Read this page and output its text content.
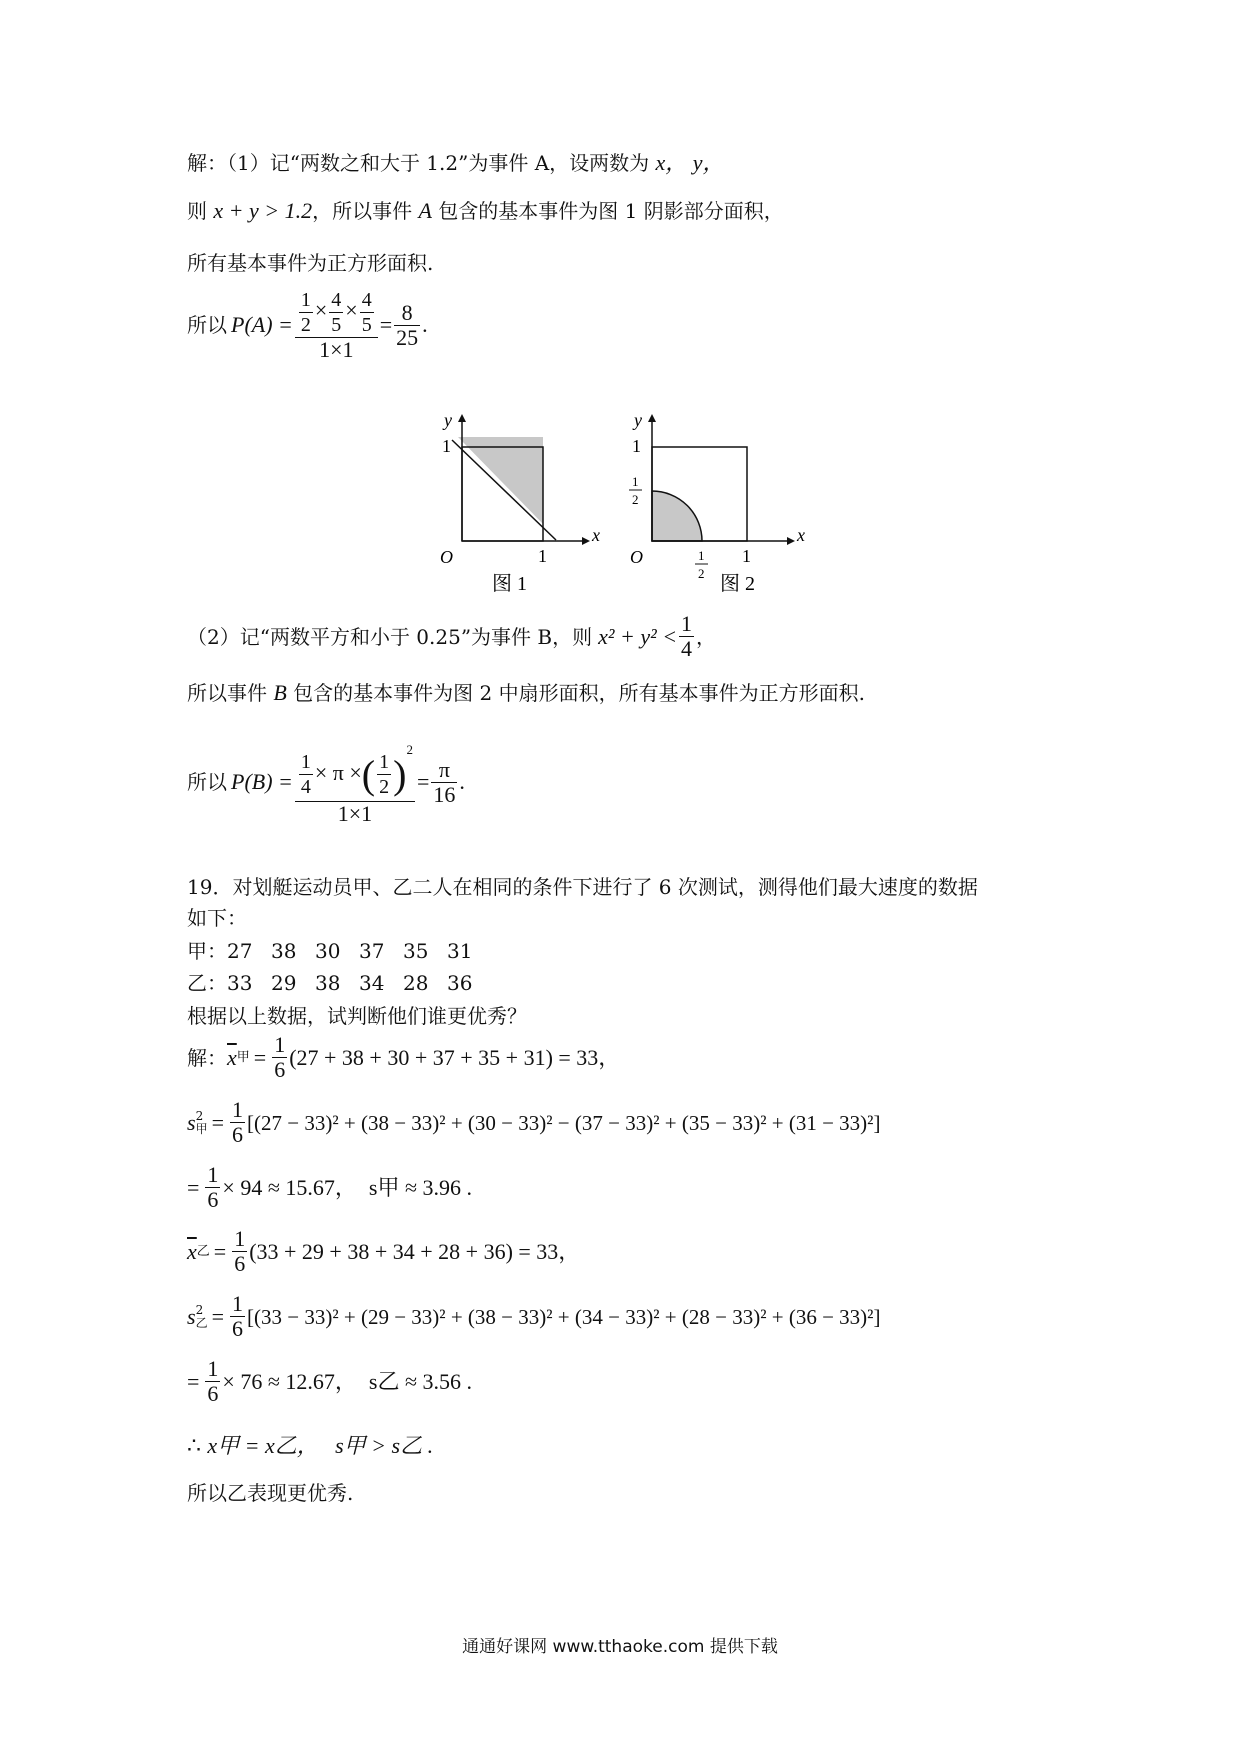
解：（1）记“两数之和大于 1.2”为事件 A，设两数为 x， y，
则 x + y > 1.2，所以事件 A 包含的基本事件为图 1 阴影部分面积，
所有基本事件为正方形面积.
所以 $P(A) = \frac{\frac{1}{2} \times \frac{4}{5} \times \frac{4}{5}}{1\times 1} = \frac{8}{25}$ .
y
x
1
O	1
图 1
y
x
1
1
2
O	1
1
2 图 2
（2）记“两数平方和小于 0.25”为事件 B，则 $x^2 + y^2 < \frac{1}{4}$ ，
所以事件 B 包含的基本事件为图 2 中扇形面积，所有基本事件为正方形面积.
所以 $P(B) = \frac{\frac{1}{4} \times \pi \times( \frac{1}{2} )^2}{1\times 1} = \frac{\pi}{16}$ .
19．对划艇运动员甲、乙二人在相同的条件下进行了 6 次测试，测得他们最大速度的数据
如下：
甲：27 38 30 37 35 31
乙：33 29 38 34 28 36
根据以上数据，试判断他们谁更优秀？
解： $\overline{x}$ 甲 = $\frac{1}{6} (27 + 38 + 30 + 37 + 35 + 31) = 33$，
s 2
甲 = $\frac{1}{6} [(27 - 33)^2 + (38 - 33)^2 + (30 - 33)^2 - (37 - 33)^2 + (35 - 33)^2 + (31 - 33)^2]$
= $\frac{1}{6} \times 94 \approx 15.67$， s甲 ≈ 3.96 .
$\overline{x}$ 乙 = $\frac{1}{6} (33 + 29 + 38 + 34 + 28 + 36) = 33$，
s 2
乙 = $\frac{1}{6} [(33 - 33)^2 + (29 - 33)^2 + (38 - 33)^2 + (34 - 33)^2 + (28 - 33)^2 + (36 - 33)^2]$
= $\frac{1}{6} \times 76 \approx 12.67$， s乙 ≈ 3.56 .
∴ x甲 = x乙， s甲 > s乙 .
所以乙表现更优秀.
通通好课网 www.tthaoke.com 提供下载
